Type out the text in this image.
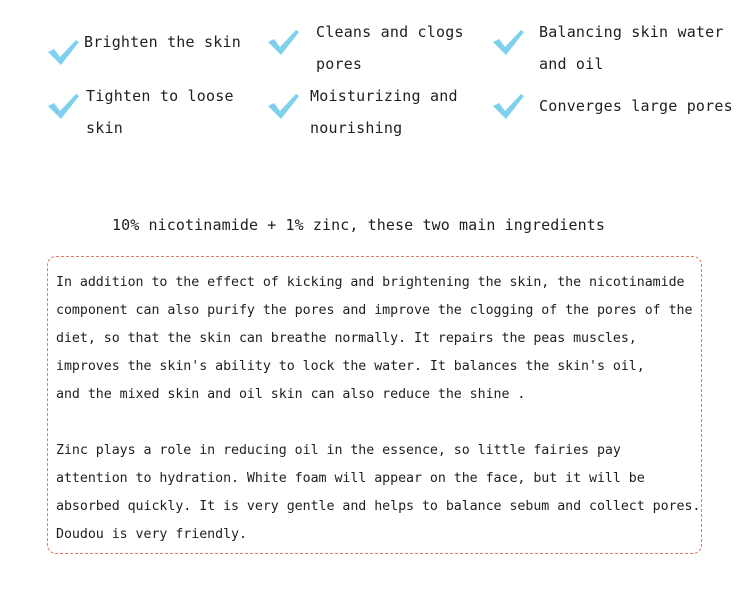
Brighten the skin
Cleans and clogs
pores
Balancing skin water
and oil
Tighten to loose
skin
Moisturizing and
nourishing
Converges large pores
10% nicotinamide + 1% zinc, these two main ingredients

In addition to the effect of kicking and brightening the skin, the nicotinamide
component can also purify the pores and improve the clogging of the pores of the
diet, so that the skin can breathe normally. It repairs the peas muscles,
improves the skin's ability to lock the water. It balances the skin's oil,
and the mixed skin and oil skin can also reduce the shine .

Zinc plays a role in reducing oil in the essence, so little fairies pay
attention to hydration. White foam will appear on the face, but it will be
absorbed quickly. It is very gentle and helps to balance sebum and collect pores.
Doudou is very friendly.
